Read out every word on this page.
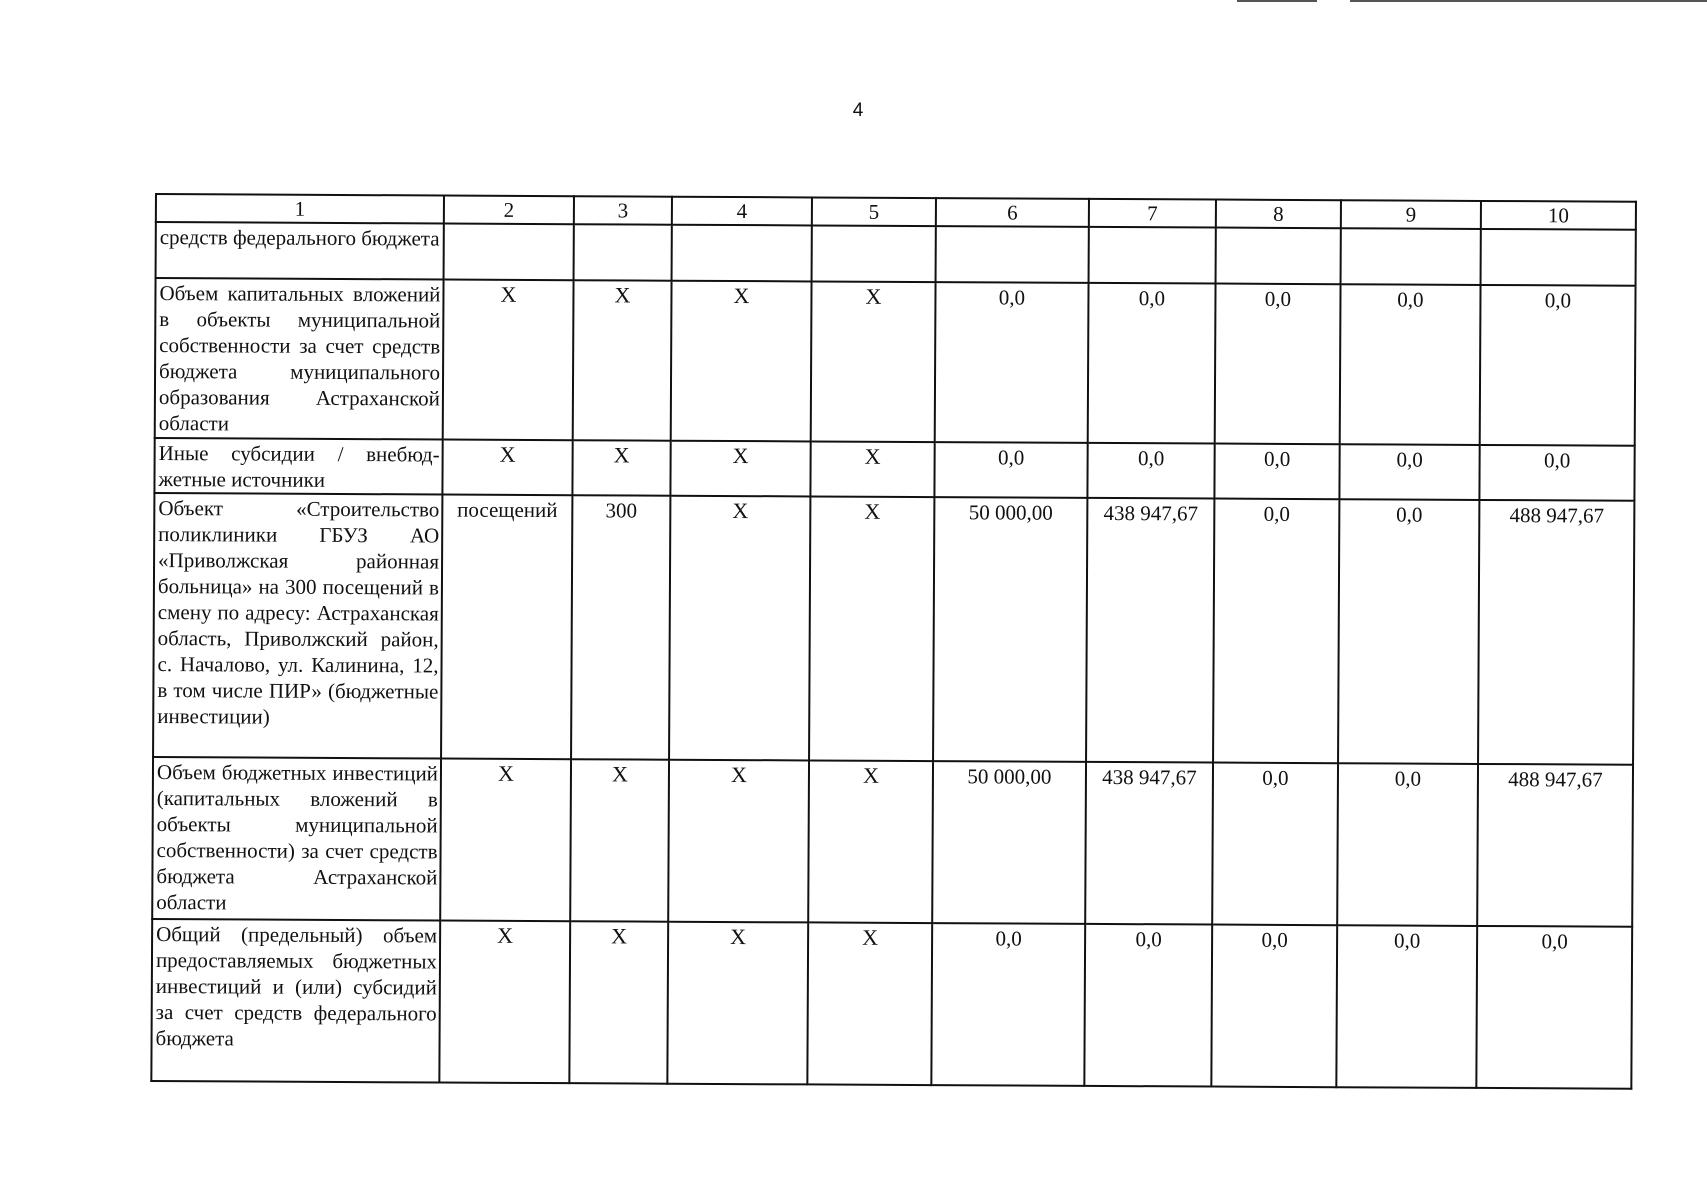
4
1	2	3	4	5	6	7	8	9	10
средств федерального бюджета									
Объем капитальных вложений в объекты муниципальной собственности за счет средств бюджета муниципального образования Астраханской области	X	X	X	X	0,0	0,0	0,0	0,0	0,0
Иные субсидии / внебюджетные источники	X	X	X	X	0,0	0,0	0,0	0,0	0,0
Объект «Строительство поликлиники ГБУЗ АО «Приволжская районная больница» на 300 посещений в смену по адресу: Астраханская область, Приволжский район, с. Началово, ул. Калинина, 12, в том числе ПИР» (бюджетные инвестиции)	посещений	300	X	X	50 000,00	438 947,67	0,0	0,0	488 947,67
Объем бюджетных инвестиций (капитальных вложений в объекты муниципальной собственности) за счет средств бюджета Астраханской области	X	X	X	X	50 000,00	438 947,67	0,0	0,0	488 947,67
Общий (предельный) объем предоставляемых бюджетных инвестиций и (или) субсидий за счет средств федерального бюджета	X	X	X	X	0,0	0,0	0,0	0,0	0,0
